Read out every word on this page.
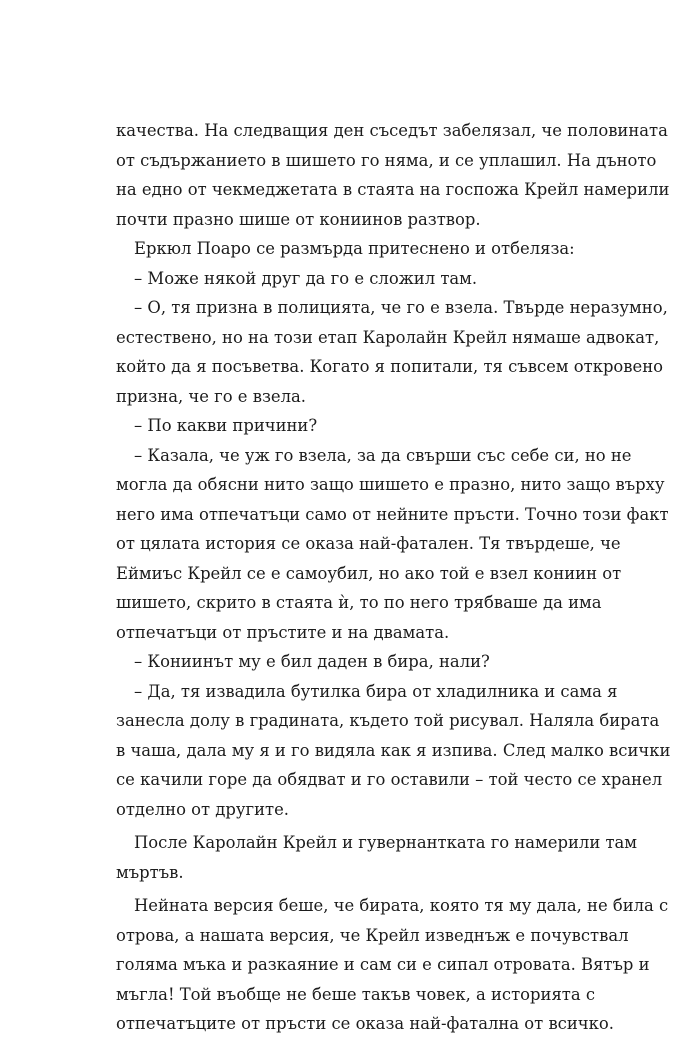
качества. На следващия ден съседът забелязал, че половината
от съдържанието в шишето го няма, и се уплашил. На дъното
на едно от чекмеджетата в стаята на госпожа Крейл намерили
почти празно шише от кониинов разтвор.
Еркюл Поаро се размърда притеснено и отбеляза:
– Може някой друг да го е сложил там.
– О, тя призна в полицията, че го е взела. Твърде неразумно,
естествено, но на този етап Каролайн Крейл нямаше адвокат,
който да я посъветва. Когато я попитали, тя съвсем откровено
призна, че го е взела.
– По какви причини?
– Казала, че уж го взела, за да свърши със себе си, но не
могла да обясни нито защо шишето е празно, нито защо върху
него има отпечатъци само от нейните пръсти. Точно този факт
от цялата история се оказа най-фатален. Тя твърдеше, че
Еймиъс Крейл се е самоубил, но ако той е взел кониин от
шишето, скрито в стаята ѝ, то по него трябваше да има
отпечатъци от пръстите и на двамата.
– Кониинът му е бил даден в бира, нали?
– Да, тя извадила бутилка бира от хладилника и сама я
занесла долу в градината, където той рисувал. Наляла бирата
в чаша, дала му я и го видяла как я изпива. След малко всички
се качили горе да обядват и го оставили – той често се хранел
отделно от другите.
После Каролайн Крейл и гувернантката го намерили там
мъртъв.
Нейната версия беше, че бирата, която тя му дала, не била с
отрова, а нашата версия, че Крейл изведнъж е почувствал
голяма мъка и разкаяние и сам си е сипал отровата. Вятър и
мъгла! Той въобще не беше такъв човек, а историята с
отпечатъците от пръсти се оказа най-фатална от всичко.
